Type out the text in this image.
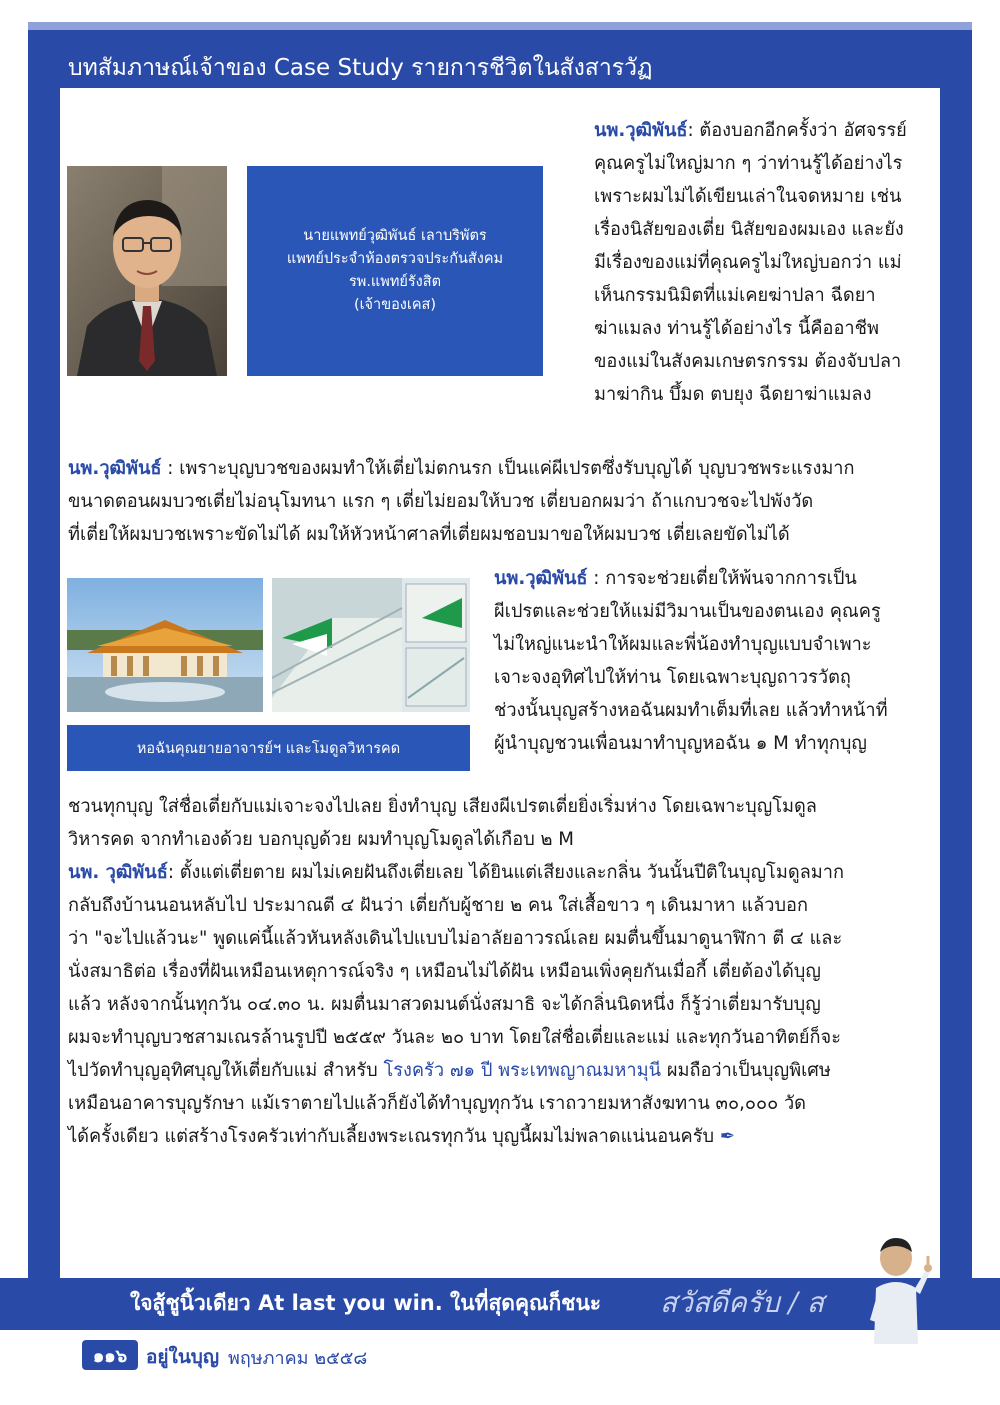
บทสัมภาษณ์เจ้าของ Case Study รายการชีวิตในสังสารวัฏ
นายแพทย์วุฒิพันธ์ เลาบริพัตร
แพทย์ประจำห้องตรวจประกันสังคม
รพ.แพทย์รังสิต
(เจ้าของเคส)
นพ.วุฒิพันธ์: ต้องบอกอีกครั้งว่า อัศจรรย์
คุณครูไม่ใหญ่มาก ๆ ว่าท่านรู้ได้อย่างไร
เพราะผมไม่ได้เขียนเล่าในจดหมาย เช่น
เรื่องนิสัยของเตี่ย นิสัยของผมเอง และยัง
มีเรื่องของแม่ที่คุณครูไม่ใหญ่บอกว่า แม่
เห็นกรรมนิมิตที่แม่เคยฆ่าปลา ฉีดยา
ฆ่าแมลง ท่านรู้ได้อย่างไร นี้คืออาชีพ
ของแม่ในสังคมเกษตรกรรม ต้องจับปลา
มาฆ่ากิน บึ้มด ตบยุง ฉีดยาฆ่าแมลง
นพ.วุฒิพันธ์ : เพราะบุญบวชของผมทำให้เตี่ยไม่ตกนรก เป็นแค่ผีเปรตซึ่งรับบุญได้ บุญบวชพระแรงมาก
ขนาดตอนผมบวชเตี่ยไม่อนุโมทนา แรก ๆ เตี่ยไม่ยอมให้บวช เตี่ยบอกผมว่า ถ้าแกบวชจะไปพังวัด
ที่เตี่ยให้ผมบวชเพราะขัดไม่ได้ ผมให้หัวหน้าศาลที่เตี่ยผมชอบมาขอให้ผมบวช เตี่ยเลยขัดไม่ได้
หอฉันคุณยายอาจารย์ฯ และโมดูลวิหารคด
นพ.วุฒิพันธ์ : การจะช่วยเตี่ยให้พ้นจากการเป็น
ผีเปรตและช่วยให้แม่มีวิมานเป็นของตนเอง คุณครู
ไม่ใหญ่แนะนำให้ผมและพี่น้องทำบุญแบบจำเพาะ
เจาะจงอุทิศไปให้ท่าน โดยเฉพาะบุญถาวรวัตถุ
ช่วงนั้นบุญสร้างหอฉันผมทำเต็มที่เลย แล้วทำหน้าที่
ผู้นำบุญชวนเพื่อนมาทำบุญหอฉัน ๑ M ทำทุกบุญ
ชวนทุกบุญ ใส่ชื่อเตี่ยกับแม่เจาะจงไปเลย ยิ่งทำบุญ เสียงผีเปรตเตี่ยยิ่งเริ่มห่าง โดยเฉพาะบุญโมดูล
วิหารคด จากทำเองด้วย บอกบุญด้วย ผมทำบุญโมดูลได้เกือบ ๒ M
นพ. วุฒิพันธ์: ตั้งแต่เตี่ยตาย ผมไม่เคยฝันถึงเตี่ยเลย ได้ยินแต่เสียงและกลิ่น วันนั้นปีติในบุญโมดูลมาก
กลับถึงบ้านนอนหลับไป ประมาณตี ๔ ฝันว่า เตี่ยกับผู้ชาย ๒ คน ใส่เสื้อขาว ๆ เดินมาหา แล้วบอก
ว่า "จะไปแล้วนะ" พูดแค่นี้แล้วหันหลังเดินไปแบบไม่อาลัยอาวรณ์เลย ผมตื่นขึ้นมาดูนาฬิกา ตี ๔ และ
นั่งสมาธิต่อ เรื่องที่ฝันเหมือนเหตุการณ์จริง ๆ เหมือนไม่ได้ฝัน เหมือนเพิ่งคุยกันเมื่อกี้ เตี่ยต้องได้บุญ
แล้ว หลังจากนั้นทุกวัน ๐๔.๓๐ น. ผมตื่นมาสวดมนต์นั่งสมาธิ จะได้กลิ่นนิดหนึ่ง ก็รู้ว่าเตี่ยมารับบุญ
ผมจะทำบุญบวชสามเณรล้านรูปปี ๒๕๕๙ วันละ ๒๐ บาท โดยใส่ชื่อเตี่ยและแม่ และทุกวันอาทิตย์ก็จะ
ไปวัดทำบุญอุทิศบุญให้เตี่ยกับแม่ สำหรับ โรงครัว ๗๑ ปี พระเทพญาณมหามุนี ผมถือว่าเป็นบุญพิเศษ
เหมือนอาคารบุญรักษา แม้เราตายไปแล้วก็ยังได้ทำบุญทุกวัน เราถวายมหาสังฆทาน ๓๐,๐๐๐ วัด
ได้ครั้งเดียว แต่สร้างโรงครัวเท่ากับเลี้ยงพระเณรทุกวัน บุญนี้ผมไม่พลาดแน่นอนครับ ✒
ใจสู้ชูนิ้วเดียว At last you win. ในที่สุดคุณก็ชนะ สวัสดีครับ / ส
๑๑๖ อยู่ในบุญ พฤษภาคม ๒๕๕๘
